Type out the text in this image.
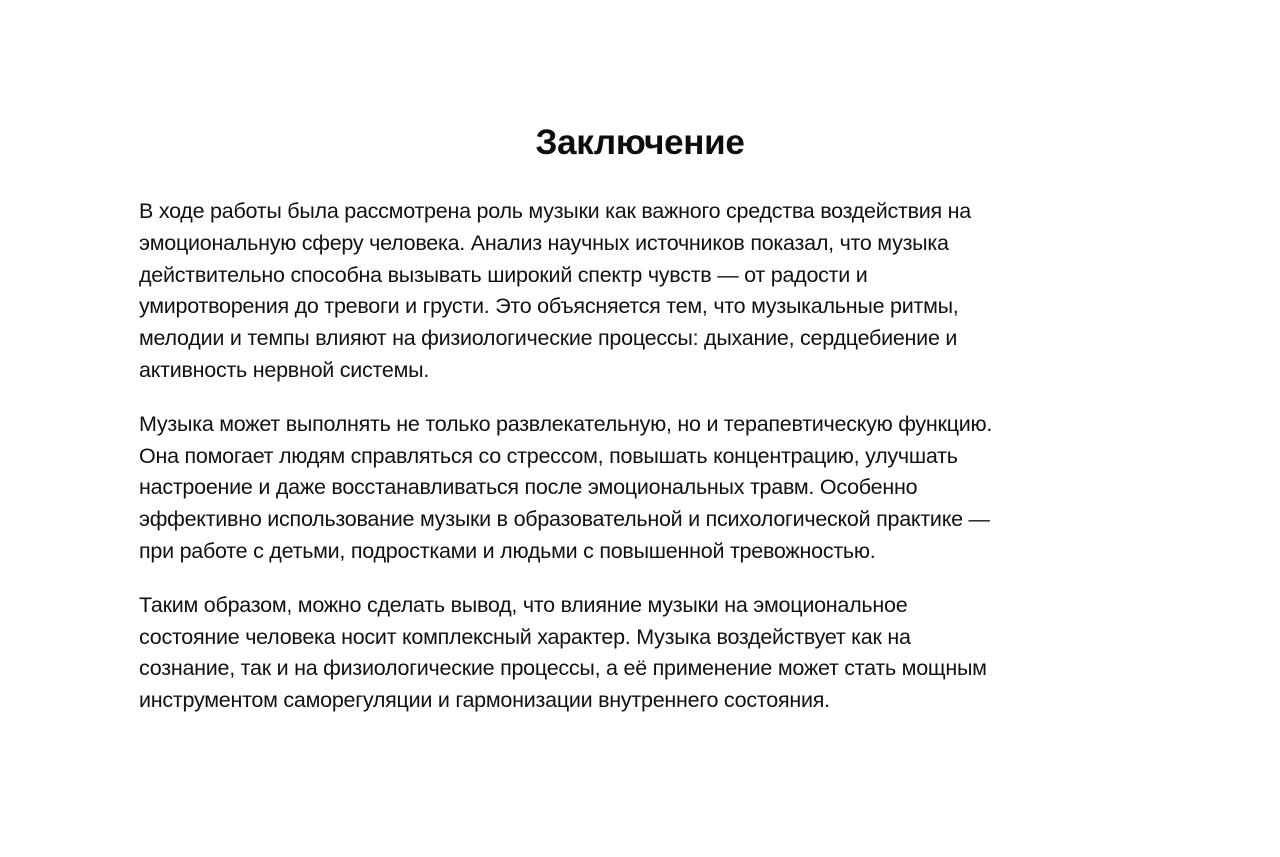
Заключение

В ходе работы была рассмотрена роль музыки как важного средства воздействия на
эмоциональную сферу человека. Анализ научных источников показал, что музыка
действительно способна вызывать широкий спектр чувств — от радости и
умиротворения до тревоги и грусти. Это объясняется тем, что музыкальные ритмы,
мелодии и темпы влияют на физиологические процессы: дыхание, сердцебиение и
активность нервной системы.

Музыка может выполнять не только развлекательную, но и терапевтическую функцию.
Она помогает людям справляться со стрессом, повышать концентрацию, улучшать
настроение и даже восстанавливаться после эмоциональных травм. Особенно
эффективно использование музыки в образовательной и психологической практике —
при работе с детьми, подростками и людьми с повышенной тревожностью.

Таким образом, можно сделать вывод, что влияние музыки на эмоциональное
состояние человека носит комплексный характер. Музыка воздействует как на
сознание, так и на физиологические процессы, а её применение может стать мощным
инструментом саморегуляции и гармонизации внутреннего состояния.
